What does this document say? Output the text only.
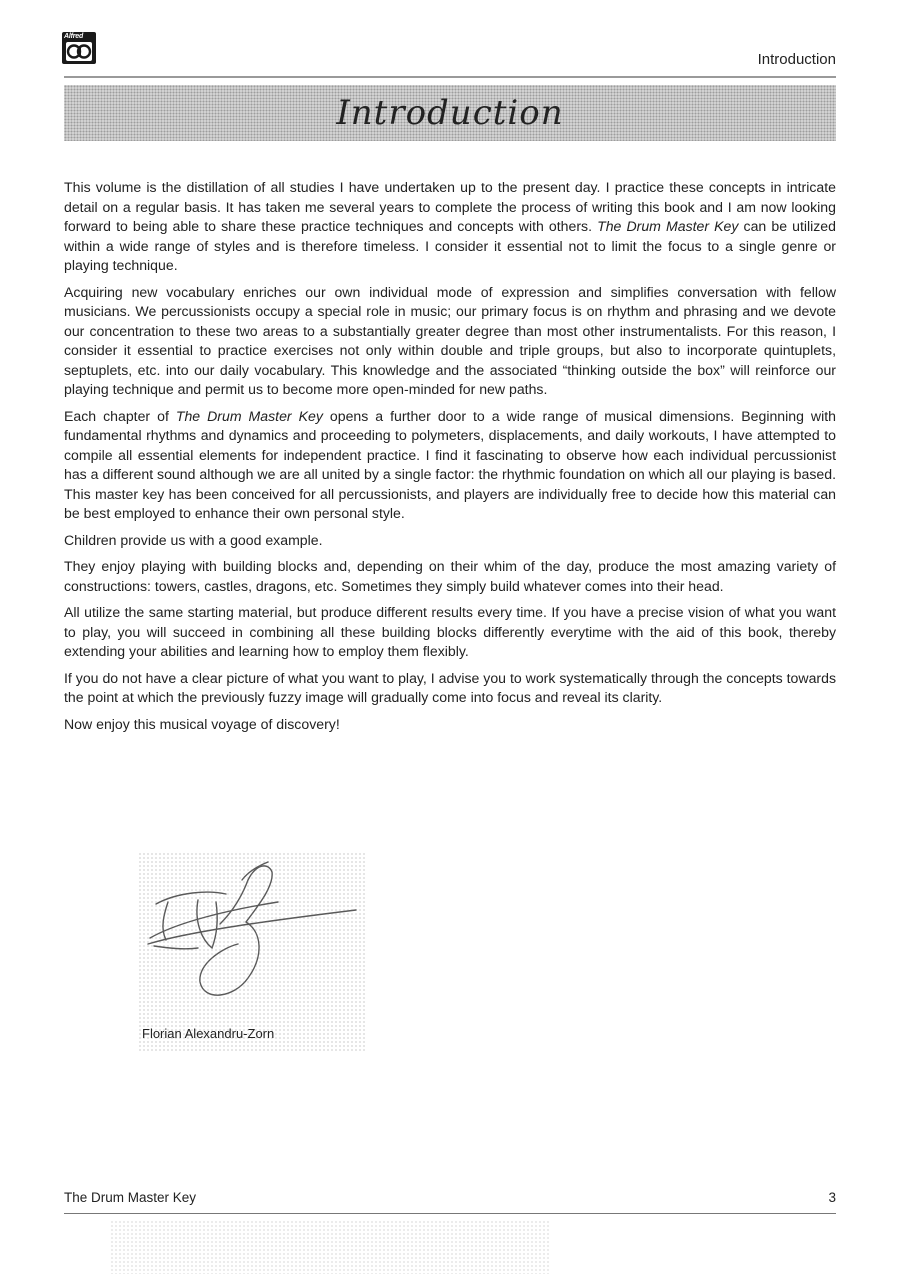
Alfred
Introduction
Introduction

This volume is the distillation of all studies I have undertaken up to the present day. I practice these concepts in intricate detail on a regular basis. It has taken me several years to complete the process of writing this book and I am now looking forward to being able to share these practice techniques and concepts with others. The Drum Master Key can be utilized within a wide range of styles and is therefore timeless. I consider it essential not to limit the focus to a single genre or playing technique.

Acquiring new vocabulary enriches our own individual mode of expression and simplifies conversation with fellow musicians. We percussionists occupy a special role in music; our primary focus is on rhythm and phrasing and we devote our concentration to these two areas to a substantially greater degree than most other instrumentalists. For this reason, I consider it essential to practice exercises not only within double and triple groups, but also to incorporate quintuplets, septuplets, etc. into our daily vocabulary. This knowledge and the associated “thinking outside the box” will reinforce our playing technique and permit us to become more open-minded for new paths.

Each chapter of The Drum Master Key opens a further door to a wide range of musical dimensions. Beginning with fundamental rhythms and dynamics and proceeding to polymeters, displacements, and daily workouts, I have attempted to compile all essential elements for independent practice. I find it fascinating to observe how each individual percussionist has a different sound although we are all united by a single factor: the rhythmic foundation on which all our playing is based. This master key has been conceived for all percussionists, and players are individually free to decide how this material can be best employed to enhance their own personal style.

Children provide us with a good example.

They enjoy playing with building blocks and, depending on their whim of the day, produce the most amazing variety of constructions: towers, castles, dragons, etc. Sometimes they simply build whatever comes into their head.

All utilize the same starting material, but produce different results every time. If you have a precise vision of what you want to play, you will succeed in combining all these building blocks differently everytime with the aid of this book, thereby extending your abilities and learning how to employ them flexibly.

If you do not have a clear picture of what you want to play, I advise you to work systematically through the concepts towards the point at which the previously fuzzy image will gradually come into focus and reveal its clarity.

Now enjoy this musical voyage of discovery!

Florian Alexandru-Zorn
The Drum Master Key	3
